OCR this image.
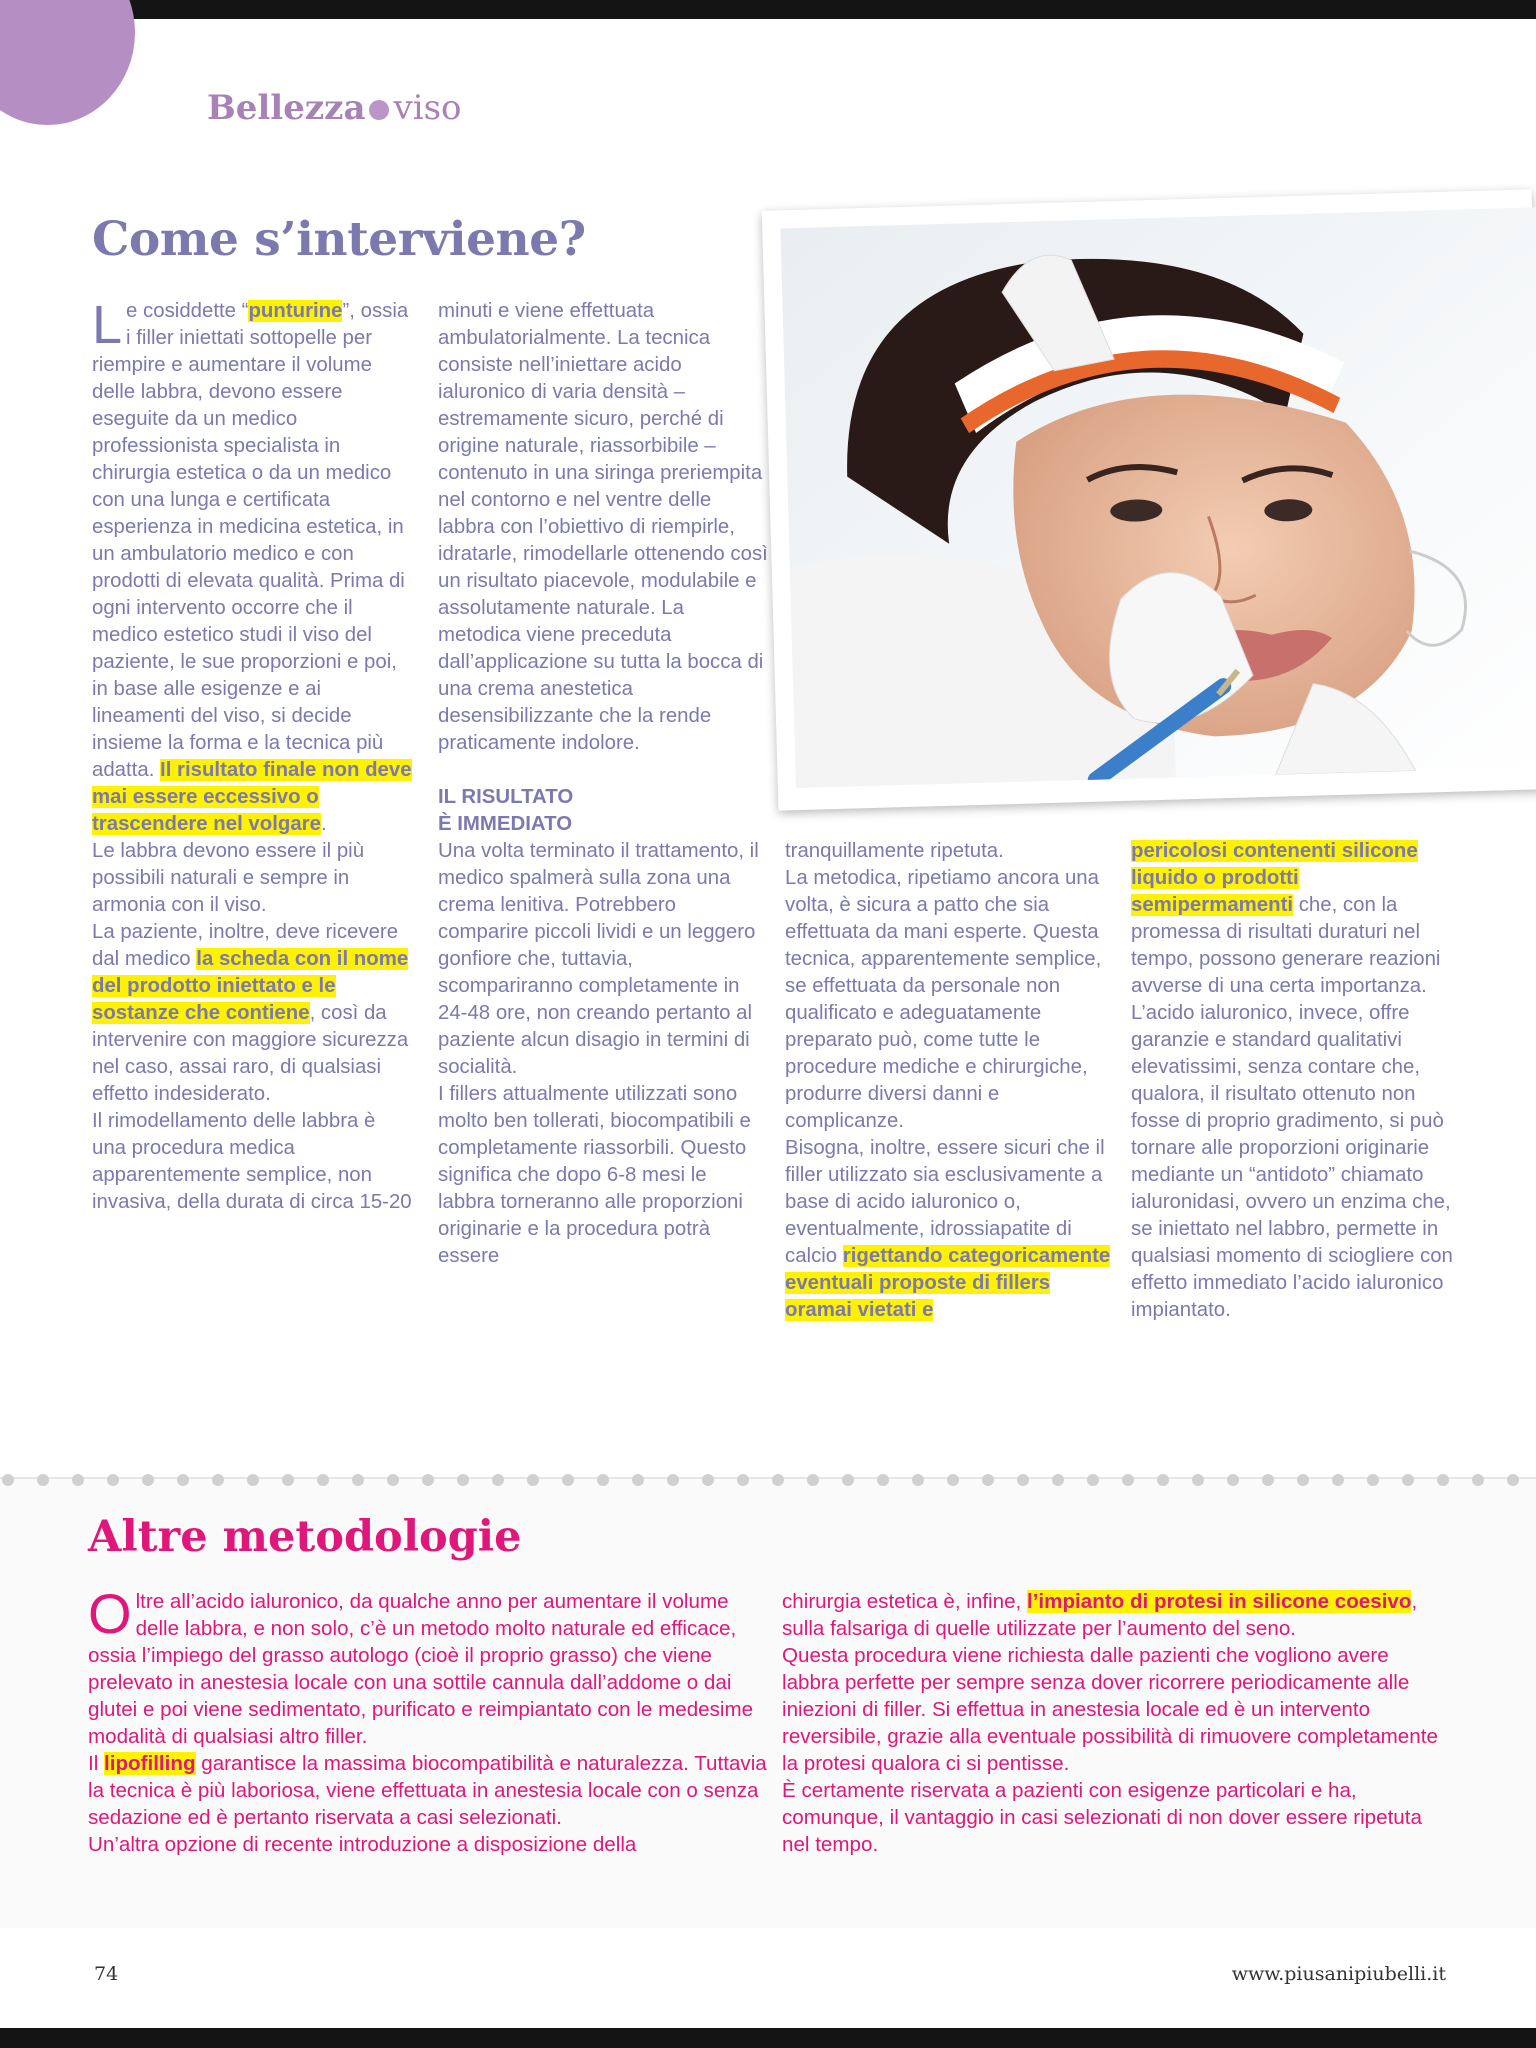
Bellezza viso
Come s’interviene?

Le cosiddette “punturine”, ossia i filler iniettati sottopelle per riempire e aumentare il volume delle labbra, devono essere eseguite da un medico professionista specialista in chirurgia estetica o da un medico con una lunga e certificata esperienza in medicina estetica, in un ambulatorio medico e con prodotti di elevata qualità. Prima di ogni intervento occorre che il medico estetico studi il viso del paziente, le sue proporzioni e poi, in base alle esigenze e ai lineamenti del viso, si decide insieme la forma e la tecnica più adatta. Il risultato finale non deve mai essere eccessivo o trascendere nel volgare.

Le labbra devono essere il più possibili naturali e sempre in armonia con il viso.

La paziente, inoltre, deve ricevere dal medico la scheda con il nome del prodotto iniettato e le sostanze che contiene, così da intervenire con maggiore sicurezza nel caso, assai raro, di qualsiasi effetto indesiderato.

Il rimodellamento delle labbra è una procedura medica apparentemente semplice, non invasiva, della durata di circa 15-20

minuti e viene effettuata ambulatorialmente. La tecnica consiste nell’iniettare acido ialuronico di varia densità – estremamente sicuro, perché di origine naturale, riassorbibile – contenuto in una siringa preriempita nel contorno e nel ventre delle labbra con l’obiettivo di riempirle, idratarle, rimodellarle ottenendo così un risultato piacevole, modulabile e assolutamente naturale. La metodica viene preceduta dall’applicazione su tutta la bocca di una crema anestetica desensibilizzante che la rende praticamente indolore.

IL RISULTATO
È IMMEDIATO

Una volta terminato il trattamento, il medico spalmerà sulla zona una crema lenitiva. Potrebbero comparire piccoli lividi e un leggero gonfiore che, tuttavia, scompariranno completamente in 24-48 ore, non creando pertanto al paziente alcun disagio in termini di socialità.

I fillers attualmente utilizzati sono molto ben tollerati, biocompatibili e completamente riassorbili. Questo significa che dopo 6-8 mesi le labbra torneranno alle proporzioni originarie e la procedura potrà essere

tranquillamente ripetuta.

La metodica, ripetiamo ancora una volta, è sicura a patto che sia effettuata da mani esperte. Questa tecnica, apparentemente semplice, se effettuata da personale non qualificato e adeguatamente preparato può, come tutte le procedure mediche e chirurgiche, produrre diversi danni e complicanze.

Bisogna, inoltre, essere sicuri che il filler utilizzato sia esclusivamente a base di acido ialuronico o, eventualmente, idrossiapatite di calcio rigettando categoricamente eventuali proposte di fillers oramai vietati e

pericolosi contenenti silicone liquido o prodotti semipermamenti che, con la promessa di risultati duraturi nel tempo, possono generare reazioni avverse di una certa importanza. L’acido ialuronico, invece, offre garanzie e standard qualitativi elevatissimi, senza contare che, qualora, il risultato ottenuto non fosse di proprio gradimento, si può tornare alle proporzioni originarie mediante un “antidoto” chiamato ialuronidasi, ovvero un enzima che, se iniettato nel labbro, permette in qualsiasi momento di sciogliere con effetto immediato l’acido ialuronico impiantato.

Altre metodologie

Oltre all’acido ialuronico, da qualche anno per aumentare il volume delle labbra, e non solo, c’è un metodo molto naturale ed efficace, ossia l’impiego del grasso autologo (cioè il proprio grasso) che viene prelevato in anestesia locale con una sottile cannula dall’addome o dai glutei e poi viene sedimentato, purificato e reimpiantato con le medesime modalità di qualsiasi altro filler.

Il lipofilling garantisce la massima biocompatibilità e naturalezza. Tuttavia la tecnica è più laboriosa, viene effettuata in anestesia locale con o senza sedazione ed è pertanto riservata a casi selezionati.

Un’altra opzione di recente introduzione a disposizione della

chirurgia estetica è, infine, l’impianto di protesi in silicone coesivo, sulla falsariga di quelle utilizzate per l’aumento del seno.

Questa procedura viene richiesta dalle pazienti che vogliono avere labbra perfette per sempre senza dover ricorrere periodicamente alle iniezioni di filler. Si effettua in anestesia locale ed è un intervento reversibile, grazie alla eventuale possibilità di rimuovere completamente la protesi qualora ci si pentisse.

È certamente riservata a pazienti con esigenze particolari e ha, comunque, il vantaggio in casi selezionati di non dover essere ripetuta nel tempo.

74	www.piusanipiubelli.it
